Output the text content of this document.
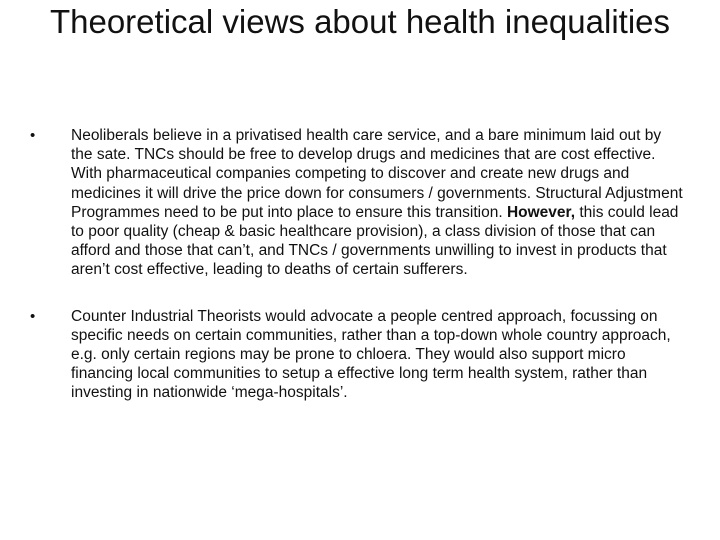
Theoretical views about health inequalities
• Neoliberals believe in a privatised health care service, and a bare minimum laid out by the sate. TNCs should be free to develop drugs and medicines that are cost effective. With pharmaceutical companies competing to discover and create new drugs and medicines it will drive the price down for consumers / governments. Structural Adjustment Programmes need to be put into place to ensure this transition. However, this could lead to poor quality (cheap & basic healthcare provision), a class division of those that can afford and those that can’t, and TNCs / governments unwilling to invest in products that aren’t cost effective, leading to deaths of certain sufferers.
• Counter Industrial Theorists would advocate a people centred approach, focussing on specific needs on certain communities, rather than a top-down whole country approach, e.g. only certain regions may be prone to chloera. They would also support micro financing local communities to setup a effective long term health system, rather than investing in nationwide ‘mega-hospitals’.
